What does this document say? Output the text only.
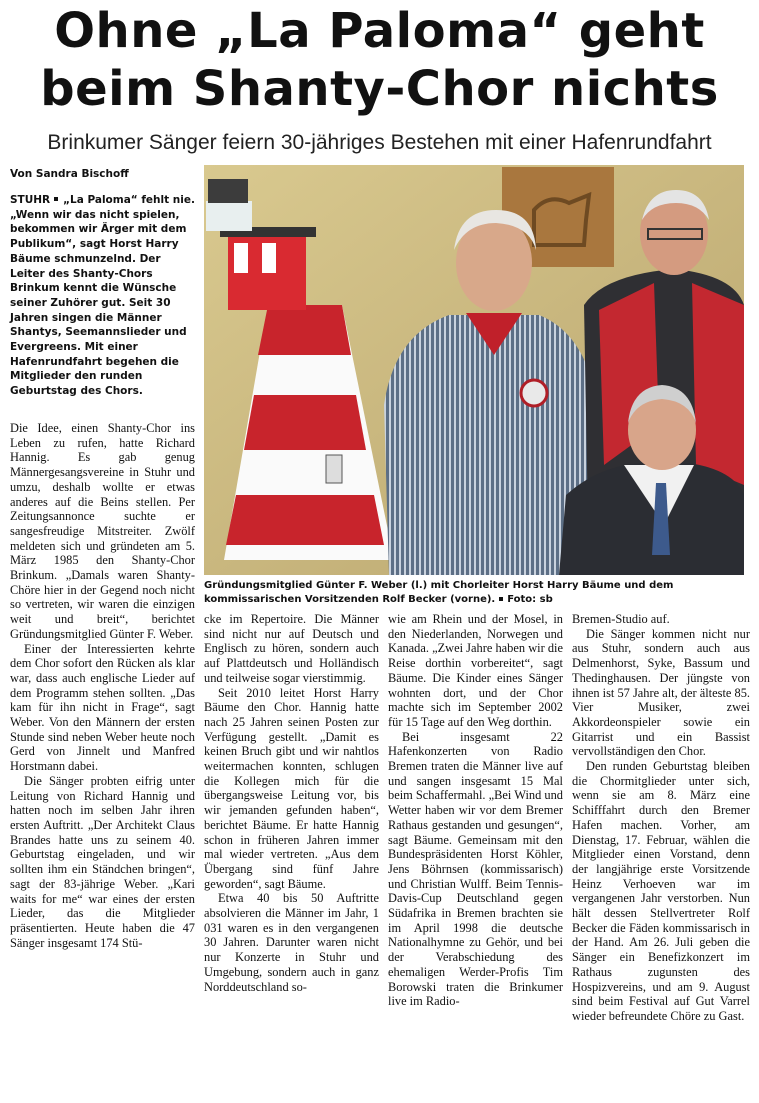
Ohne „La Paloma“ geht
beim Shanty-Chor nichts

Brinkumer Sänger feiern 30-jähriges Bestehen mit einer Hafenrundfahrt

Von Sandra Bischoff

STUHR „La Paloma“ fehlt nie. „Wenn wir das nicht spielen, bekommen wir Ärger mit dem Publikum“, sagt Horst Harry Bäume schmunzelnd. Der Leiter des Shanty-Chors Brinkum kennt die Wünsche seiner Zuhörer gut. Seit 30 Jahren singen die Männer Shantys, Seemannslieder und Evergreens. Mit einer Hafenrundfahrt begehen die Mitglieder den runden Geburtstag des Chors.

Die Idee, einen Shanty-Chor ins Leben zu rufen, hatte Richard Hannig. Es gab genug Männergesangsvereine in Stuhr und umzu, deshalb wollte er etwas anderes auf die Beins stellen. Per Zeitungsannonce suchte er sangesfreudige Mitstreiter. Zwölf meldeten sich und gründeten am 5. März 1985 den Shanty-Chor Brinkum. „Damals waren Shanty-Chöre hier in der Gegend noch nicht so vertreten, wir waren die einzigen weit und breit“, berichtet Gründungsmitglied Günter F. Weber.

Einer der Interessierten kehrte dem Chor sofort den Rücken als klar war, dass auch englische Lieder auf dem Programm stehen sollten. „Das kam für ihn nicht in Frage“, sagt Weber. Von den Männern der ersten Stunde sind neben Weber heute noch Gerd von Jinnelt und Manfred Horstmann dabei.

Die Sänger probten eifrig unter Leitung von Richard Hannig und hatten noch im selben Jahr ihren ersten Auftritt. „Der Architekt Claus Brandes hatte uns zu seinem 40. Geburtstag eingeladen, und wir sollten ihm ein Ständchen bringen“, sagt der 83-jährige Weber. „Kari waits for me“ war eines der ersten Lieder, das die Mitglieder präsentierten. Heute haben die 47 Sänger insgesamt 174 Stü-

Gründungsmitglied Günter F. Weber (l.) mit Chorleiter Horst Harry Bäume und dem kommissarischen Vorsitzenden Rolf Becker (vorne). Foto: sb

cke im Repertoire. Die Männer sind nicht nur auf Deutsch und Englisch zu hören, sondern auch auf Plattdeutsch und Holländisch und teilweise sogar vierstimmig.

Seit 2010 leitet Horst Harry Bäume den Chor. Hannig hatte nach 25 Jahren seinen Posten zur Verfügung gestellt. „Damit es keinen Bruch gibt und wir nahtlos weitermachen konnten, schlugen die Kollegen mich für die übergangsweise Leitung vor, bis wir jemanden gefunden haben“, berichtet Bäume. Er hatte Hannig schon in früheren Jahren immer mal wieder vertreten. „Aus dem Übergang sind fünf Jahre geworden“, sagt Bäume.

Etwa 40 bis 50 Auftritte absolvieren die Männer im Jahr, 1 031 waren es in den vergangenen 30 Jahren. Darunter waren nicht nur Konzerte in Stuhr und Umgebung, sondern auch in ganz Norddeutschland so-

wie am Rhein und der Mosel, in den Niederlanden, Norwegen und Kanada. „Zwei Jahre haben wir die Reise dorthin vorbereitet“, sagt Bäume. Die Kinder eines Sänger wohnten dort, und der Chor machte sich im September 2002 für 15 Tage auf den Weg dorthin.

Bei insgesamt 22 Hafenkonzerten von Radio Bremen traten die Männer live auf und sangen insgesamt 15 Mal beim Schaffermahl. „Bei Wind und Wetter haben wir vor dem Bremer Rathaus gestanden und gesungen“, sagt Bäume. Gemeinsam mit den Bundespräsidenten Horst Köhler, Jens Böhrnsen (kommissarisch) und Christian Wulff. Beim Tennis-Davis-Cup Deutschland gegen Südafrika in Bremen brachten sie im April 1998 die deutsche Nationalhymne zu Gehör, und bei der Verabschiedung des ehemaligen Werder-Profis Tim Borowski traten die Brinkumer live im Radio-

Bremen-Studio auf.

Die Sänger kommen nicht nur aus Stuhr, sondern auch aus Delmenhorst, Syke, Bassum und Thedinghausen. Der jüngste von ihnen ist 57 Jahre alt, der älteste 85. Vier Musiker, zwei Akkordeonspieler sowie ein Gitarrist und ein Bassist vervollständigen den Chor.

Den runden Geburtstag bleiben die Chormitglieder unter sich, wenn sie am 8. März eine Schifffahrt durch den Bremer Hafen machen. Vorher, am Dienstag, 17. Februar, wählen die Mitglieder einen Vorstand, denn der langjährige erste Vorsitzende Heinz Verhoeven war im vergangenen Jahr verstorben. Nun hält dessen Stellvertreter Rolf Becker die Fäden kommissarisch in der Hand. Am 26. Juli geben die Sänger ein Benefizkonzert im Rathaus zugunsten des Hospizvereins, und am 9. August sind beim Festival auf Gut Varrel wieder befreundete Chöre zu Gast.
